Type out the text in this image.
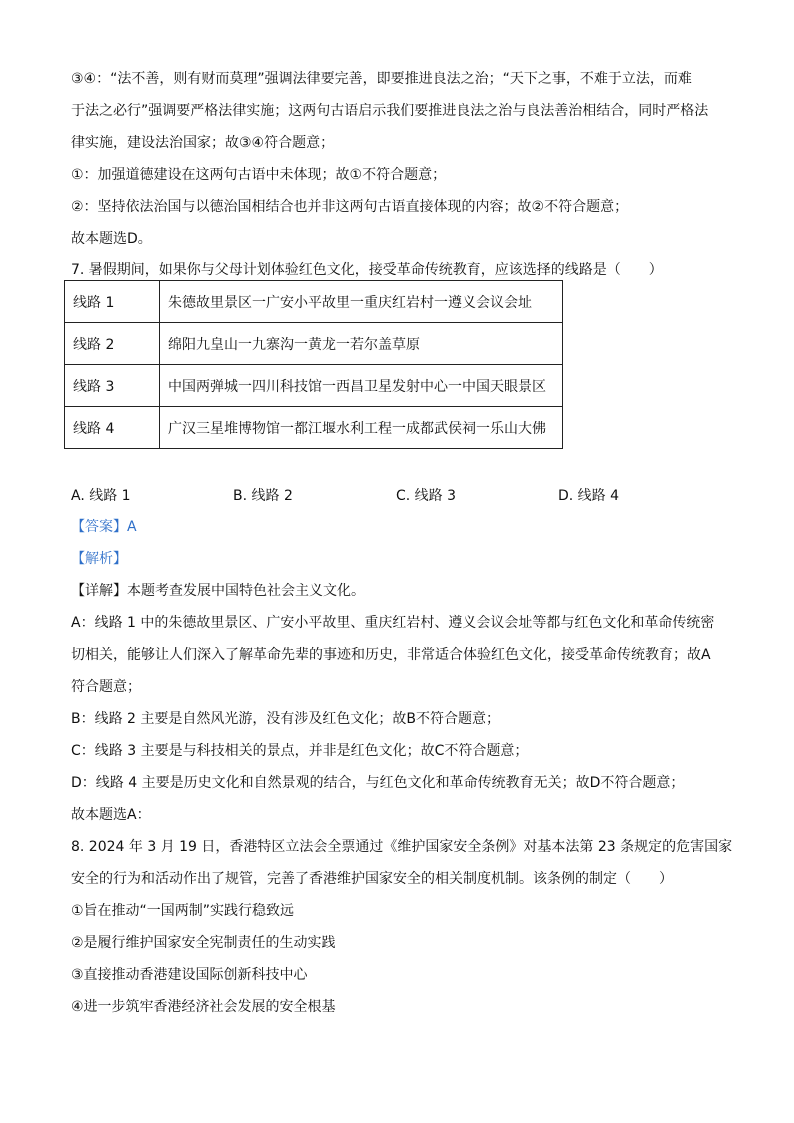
③④：“法不善，则有财而莫理”强调法律要完善，即要推进良法之治；“天下之事，不难于立法，而难
于法之必行”强调要严格法律实施；这两句古语启示我们要推进良法之治与良法善治相结合，同时严格法
律实施，建设法治国家；故③④符合题意；
①：加强道德建设在这两句古语中未体现；故①不符合题意；
②：坚持依法治国与以德治国相结合也并非这两句古语直接体现的内容；故②不符合题意；
故本题选D。
7. 暑假期间，如果你与父母计划体验红色文化，接受革命传统教育，应该选择的线路是（　　）
线路 1	朱德故里景区一广安小平故里一重庆红岩村一遵义会议会址
线路 2	绵阳九皇山一九寨沟一黄龙一若尔盖草原
线路 3	中国两弹城一四川科技馆一西昌卫星发射中心一中国天眼景区
线路 4	广汉三星堆博物馆一都江堰水利工程一成都武侯祠一乐山大佛
A. 线路 1	B. 线路 2	C. 线路 3	D. 线路 4
【答案】A
【解析】
【详解】本题考查发展中国特色社会主义文化。
A：线路 1 中的朱德故里景区、广安小平故里、重庆红岩村、遵义会议会址等都与红色文化和革命传统密
切相关，能够让人们深入了解革命先辈的事迹和历史，非常适合体验红色文化，接受革命传统教育；故A
符合题意；
B：线路 2 主要是自然风光游，没有涉及红色文化；故B不符合题意；
C：线路 3 主要是与科技相关的景点，并非是红色文化；故C不符合题意；
D：线路 4 主要是历史文化和自然景观的结合，与红色文化和革命传统教育无关；故D不符合题意；
故本题选A：
8. 2024 年 3 月 19 日，香港特区立法会全票通过《维护国家安全条例》对基本法第 23 条规定的危害国家
安全的行为和活动作出了规管，完善了香港维护国家安全的相关制度机制。该条例的制定（　　）
①旨在推动“一国两制”实践行稳致远
②是履行维护国家安全宪制责任的生动实践
③直接推动香港建设国际创新科技中心
④进一步筑牢香港经济社会发展的安全根基
